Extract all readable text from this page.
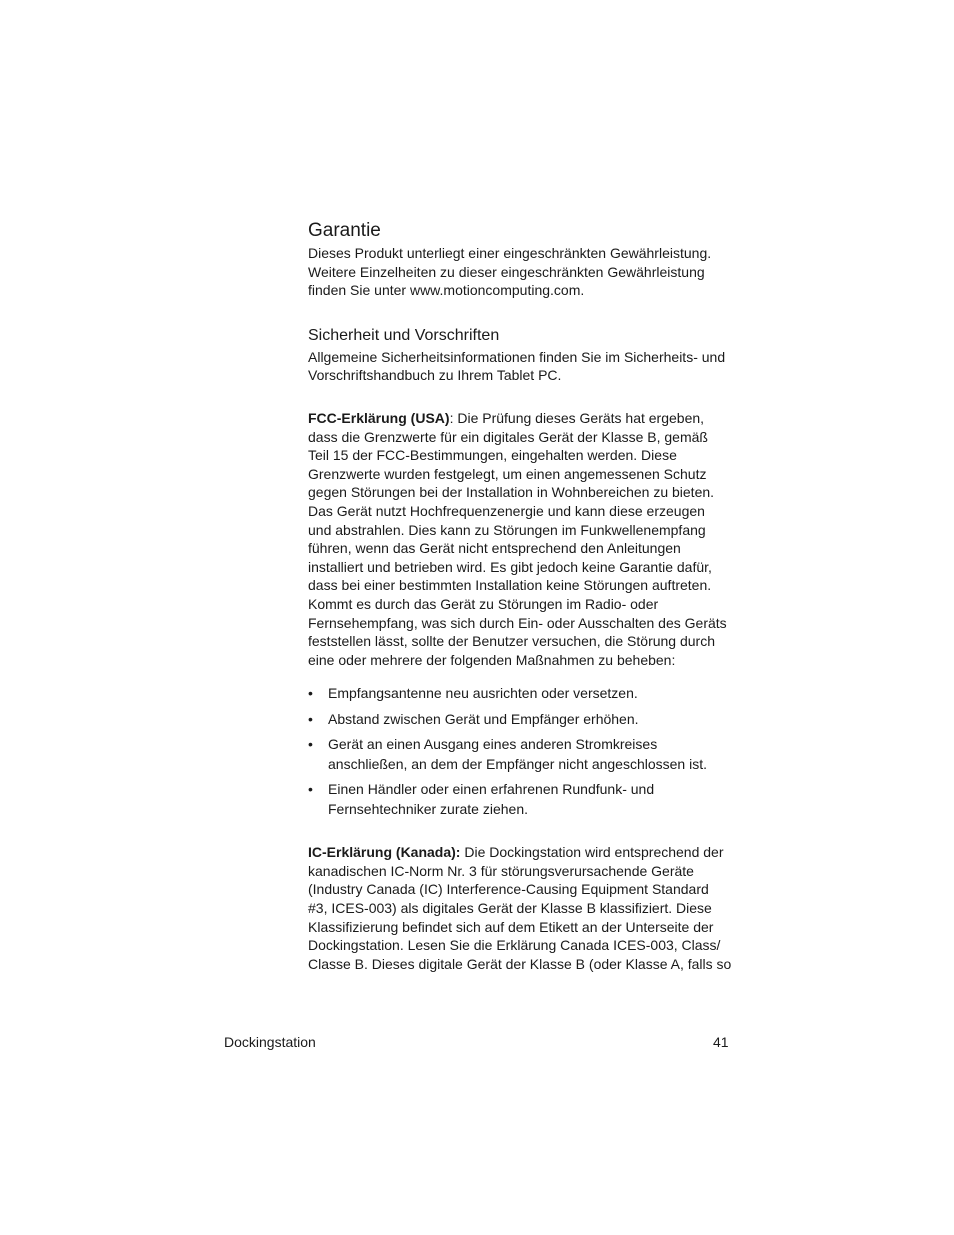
Garantie

Dieses Produkt unterliegt einer eingeschränkten Gewährleistung. Weitere Einzelheiten zu dieser eingeschränkten Gewährleistung finden Sie unter www.motioncomputing.com.

Sicherheit und Vorschriften

Allgemeine Sicherheitsinformationen finden Sie im Sicherheits- und Vorschriftshandbuch zu Ihrem Tablet PC.

FCC-Erklärung (USA): Die Prüfung dieses Geräts hat ergeben, dass die Grenzwerte für ein digitales Gerät der Klasse B, gemäß Teil 15 der FCC-Bestimmungen, eingehalten werden. Diese Grenzwerte wurden festgelegt, um einen angemessenen Schutz gegen Störungen bei der Installation in Wohnbereichen zu bieten. Das Gerät nutzt Hochfrequenzenergie und kann diese erzeugen und abstrahlen. Dies kann zu Störungen im Funkwellenempfang führen, wenn das Gerät nicht entsprechend den Anleitungen installiert und betrieben wird. Es gibt jedoch keine Garantie dafür, dass bei einer bestimmten Installation keine Störungen auftreten. Kommt es durch das Gerät zu Störungen im Radio- oder Fernsehempfang, was sich durch Ein- oder Ausschalten des Geräts feststellen lässt, sollte der Benutzer versuchen, die Störung durch eine oder mehrere der folgenden Maßnahmen zu beheben:

• Empfangsantenne neu ausrichten oder versetzen.
• Abstand zwischen Gerät und Empfänger erhöhen.
• Gerät an einen Ausgang eines anderen Stromkreises anschließen, an dem der Empfänger nicht angeschlossen ist.
• Einen Händler oder einen erfahrenen Rundfunk- und Fernsehtechniker zurate ziehen.

IC-Erklärung (Kanada): Die Dockingstation wird entsprechend der kanadischen IC-Norm Nr. 3 für störungsverursachende Geräte (Industry Canada (IC) Interference-Causing Equipment Standard #3, ICES-003) als digitales Gerät der Klasse B klassifiziert. Diese Klassifizierung befindet sich auf dem Etikett an der Unterseite der Dockingstation. Lesen Sie die Erklärung Canada ICES-003, Class/ Classe B. Dieses digitale Gerät der Klasse B (oder Klasse A, falls so

Dockingstation	41
